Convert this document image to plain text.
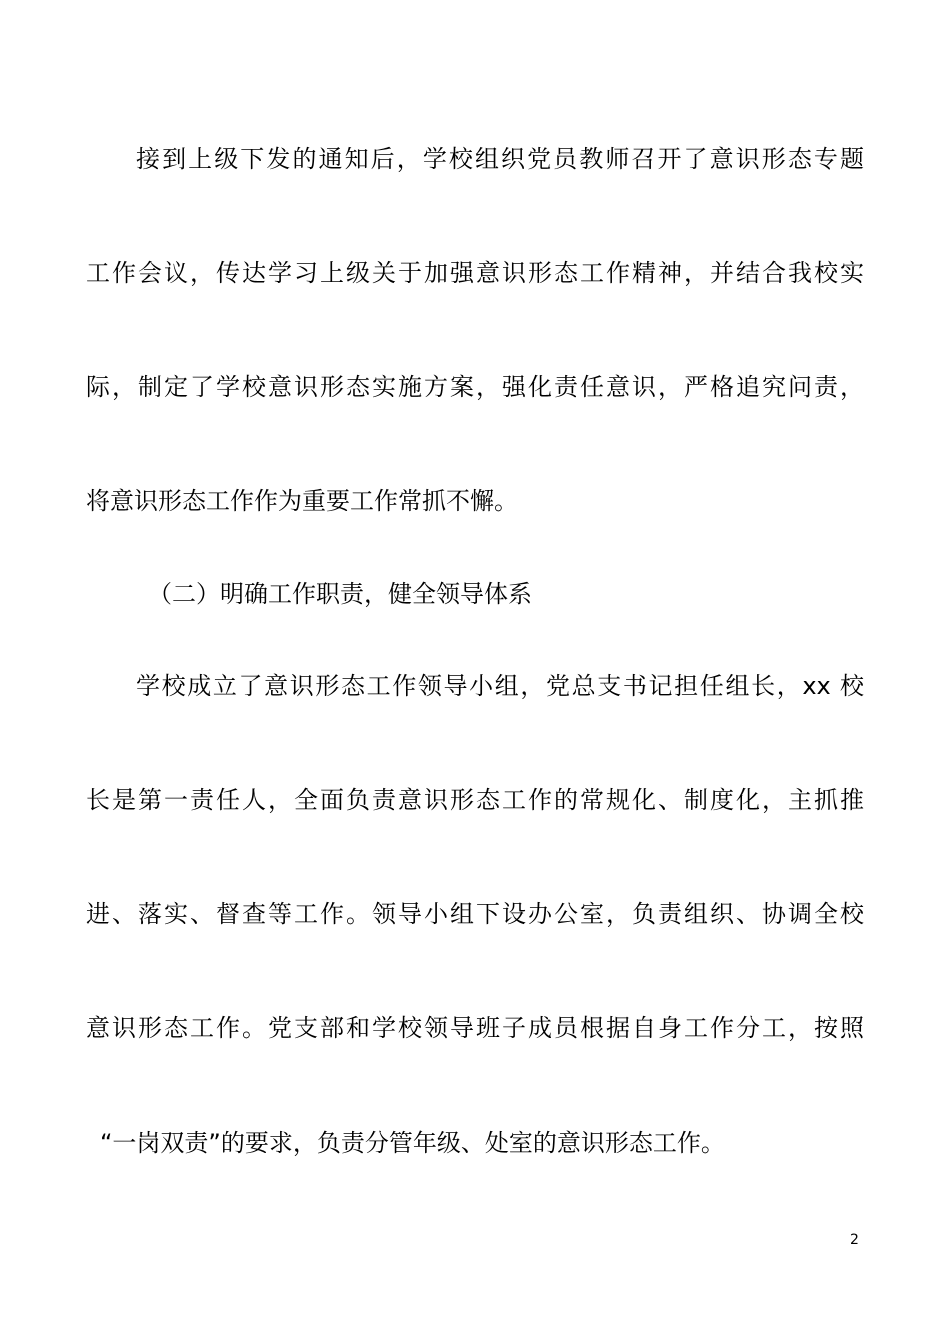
接到上级下发的通知后，学校组织党员教师召开了意识形态专题
工作会议，传达学习上级关于加强意识形态工作精神，并结合我校实
际，制定了学校意识形态实施方案，强化责任意识，严格追究问责，
将意识形态工作作为重要工作常抓不懈。
（二）明确工作职责，健全领导体系
学校成立了意识形态工作领导小组，党总支书记担任组长，xx 校
长是第一责任人，全面负责意识形态工作的常规化、制度化，主抓推
进、落实、督查等工作。领导小组下设办公室，负责组织、协调全校
意识形态工作。党支部和学校领导班子成员根据自身工作分工，按照
“一岗双责”的要求，负责分管年级、处室的意识形态工作。
2
